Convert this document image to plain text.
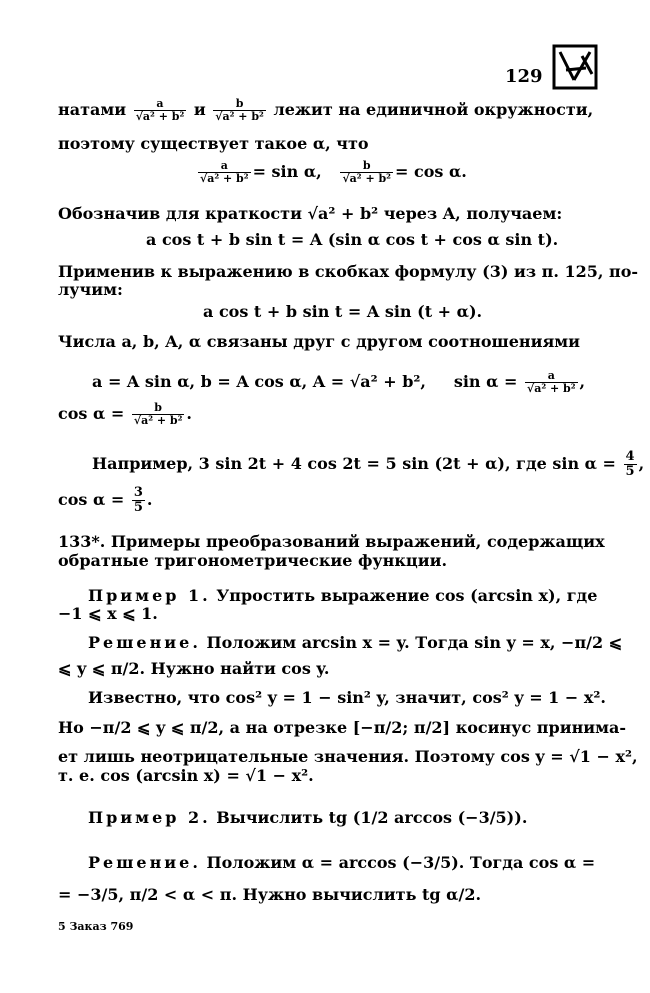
129
натами $\frac{a}{\text{√a² + b²}}$ и $\frac{b}{\text{√a² + b²}}$ лежит на единичной окружности,
поэтому существует такое α, что
$\frac{a}{\text{√a² + b²}} = \sin \alpha$, $\frac{b}{\text{√a² + b²}} = \cos \alpha$.
Обозначив для краткости √a² + b² через A, получаем:
a cos t + b sin t = A (sin α cos t + cos α sin t).
Применив к выражению в скобках формулу (3) из п. 125, по-
лучим:
a cos t + b sin t = A sin (t + α).
Числа a, b, A, α связаны друг с другом соотношениями
a = A sin α, b = A cos α, A = √a² + b², $\sin \alpha = \frac{a}{\text{√a² + b²}}$ ,
$\cos \alpha = \frac{b}{\text{√a² + b²}}$ .
Например, 3 sin 2t + 4 cos 2t = 5 sin (2t + α), где $\sin \alpha = \frac{4}{5}$ ,
$\cos \alpha = \frac{3}{5}$ .
133*. Примеры преобразований выражений, содержащих
обратные тригонометрические функции.
Пример 1. Упростить выражение cos (arcsin x), где
−1 ⩽ x ⩽ 1.
Решение. Положим arcsin x = y. Тогда sin y = x, −π/2 ⩽
⩽ y ⩽ π/2. Нужно найти cos y.
Известно, что cos² y = 1 − sin² y, значит, cos² y = 1 − x².
Но −π/2 ⩽ y ⩽ π/2, а на отрезке [−π/2; π/2] косинус принима-
ет лишь неотрицательные значения. Поэтому cos y = √1 − x²,
т. е. cos (arcsin x) = √1 − x².
Пример 2. Вычислить tg (1/2 arccos (−3/5)).
Решение. Положим α = arccos (−3/5). Тогда cos α =
= −3/5, π/2 < α < π. Нужно вычислить tg α/2.
5 Заказ 769
